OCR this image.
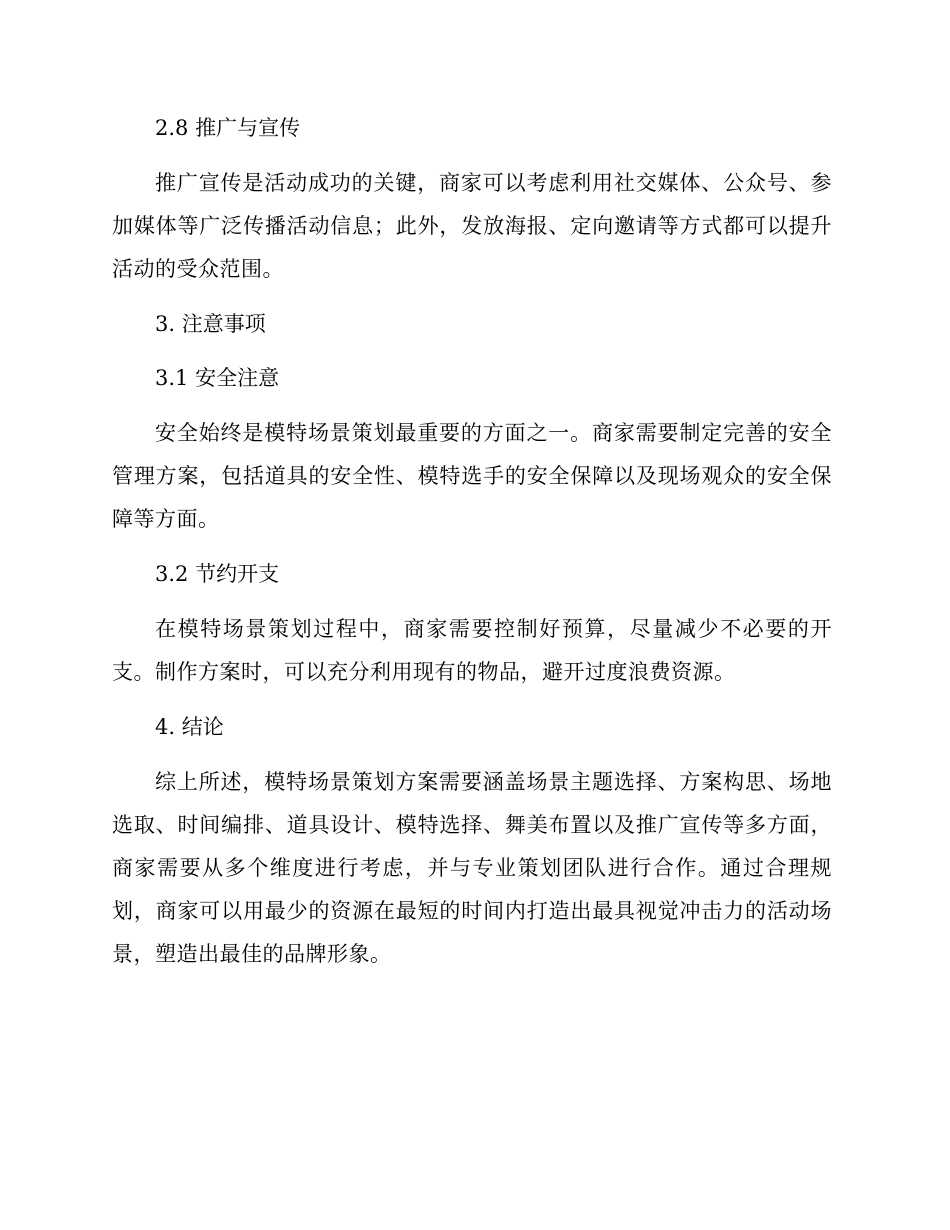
2.8 推广与宣传

推广宣传是活动成功的关键，商家可以考虑利用社交媒体、公众号、参加媒体等广泛传播活动信息；此外，发放海报、定向邀请等方式都可以提升活动的受众范围。

3. 注意事项
3.1 安全注意

安全始终是模特场景策划最重要的方面之一。商家需要制定完善的安全管理方案，包括道具的安全性、模特选手的安全保障以及现场观众的安全保障等方面。

3.2 节约开支

在模特场景策划过程中，商家需要控制好预算，尽量减少不必要的开支。制作方案时，可以充分利用现有的物品，避开过度浪费资源。

4. 结论

综上所述，模特场景策划方案需要涵盖场景主题选择、方案构思、场地选取、时间编排、道具设计、模特选择、舞美布置以及推广宣传等多方面，商家需要从多个维度进行考虑，并与专业策划团队进行合作。通过合理规划，商家可以用最少的资源在最短的时间内打造出最具视觉冲击力的活动场景，塑造出最佳的品牌形象。
